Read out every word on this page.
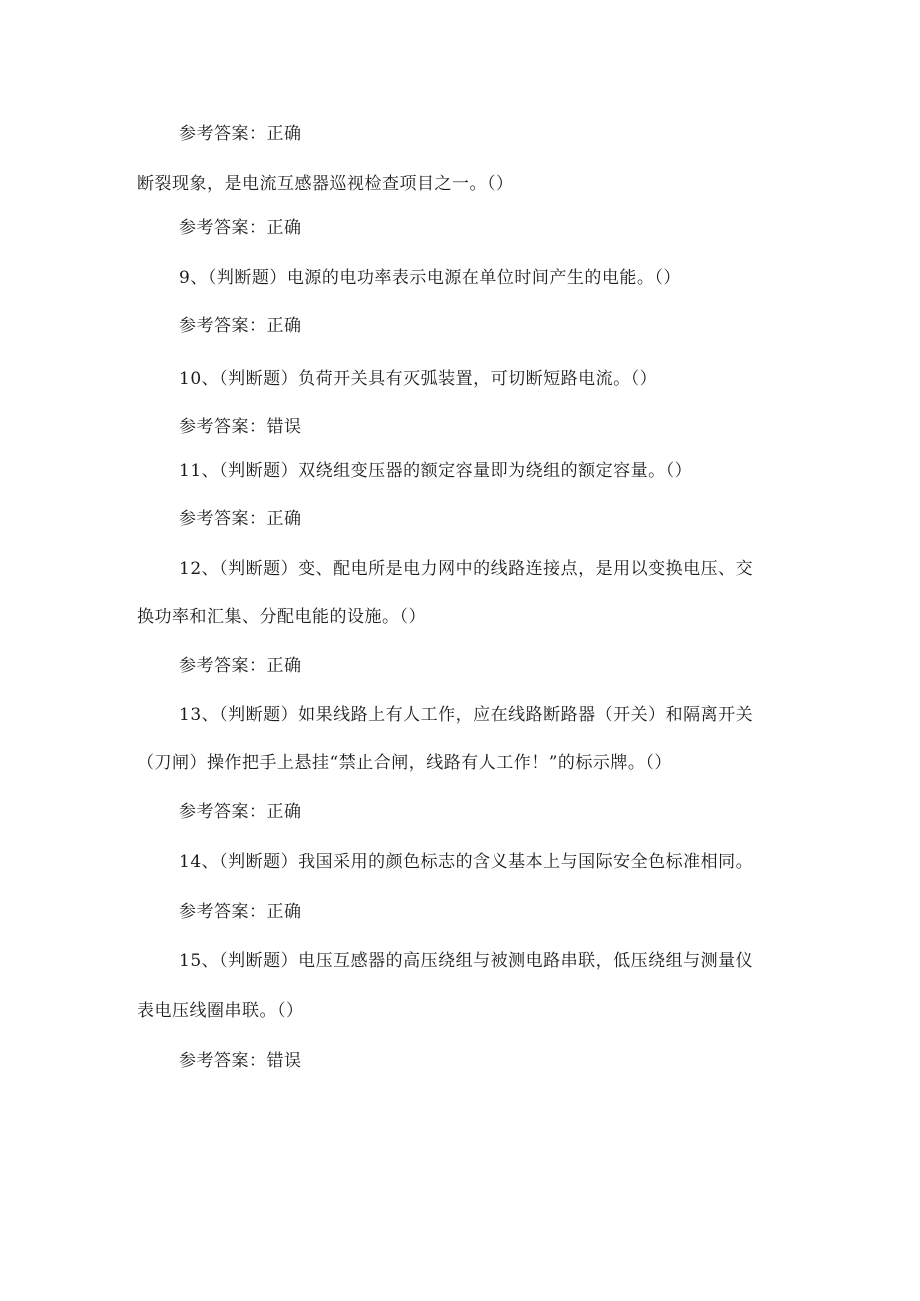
参考答案：正确
断裂现象，是电流互感器巡视检查项目之一。（）
参考答案：正确
9、（判断题）电源的电功率表示电源在单位时间产生的电能。（）
参考答案：正确
10、（判断题）负荷开关具有灭弧装置，可切断短路电流。（）
参考答案：错误
11、（判断题）双绕组变压器的额定容量即为绕组的额定容量。（）
参考答案：正确
12、（判断题）变、配电所是电力网中的线路连接点，是用以变换电压、交
换功率和汇集、分配电能的设施。（）
参考答案：正确
13、（判断题）如果线路上有人工作，应在线路断路器（开关）和隔离开关
（刀闸）操作把手上悬挂“禁止合闸，线路有人工作！”的标示牌。（）
参考答案：正确
14、（判断题）我国采用的颜色标志的含义基本上与国际安全色标准相同。
参考答案：正确
15、（判断题）电压互感器的高压绕组与被测电路串联，低压绕组与测量仪
表电压线圈串联。（）
参考答案：错误
